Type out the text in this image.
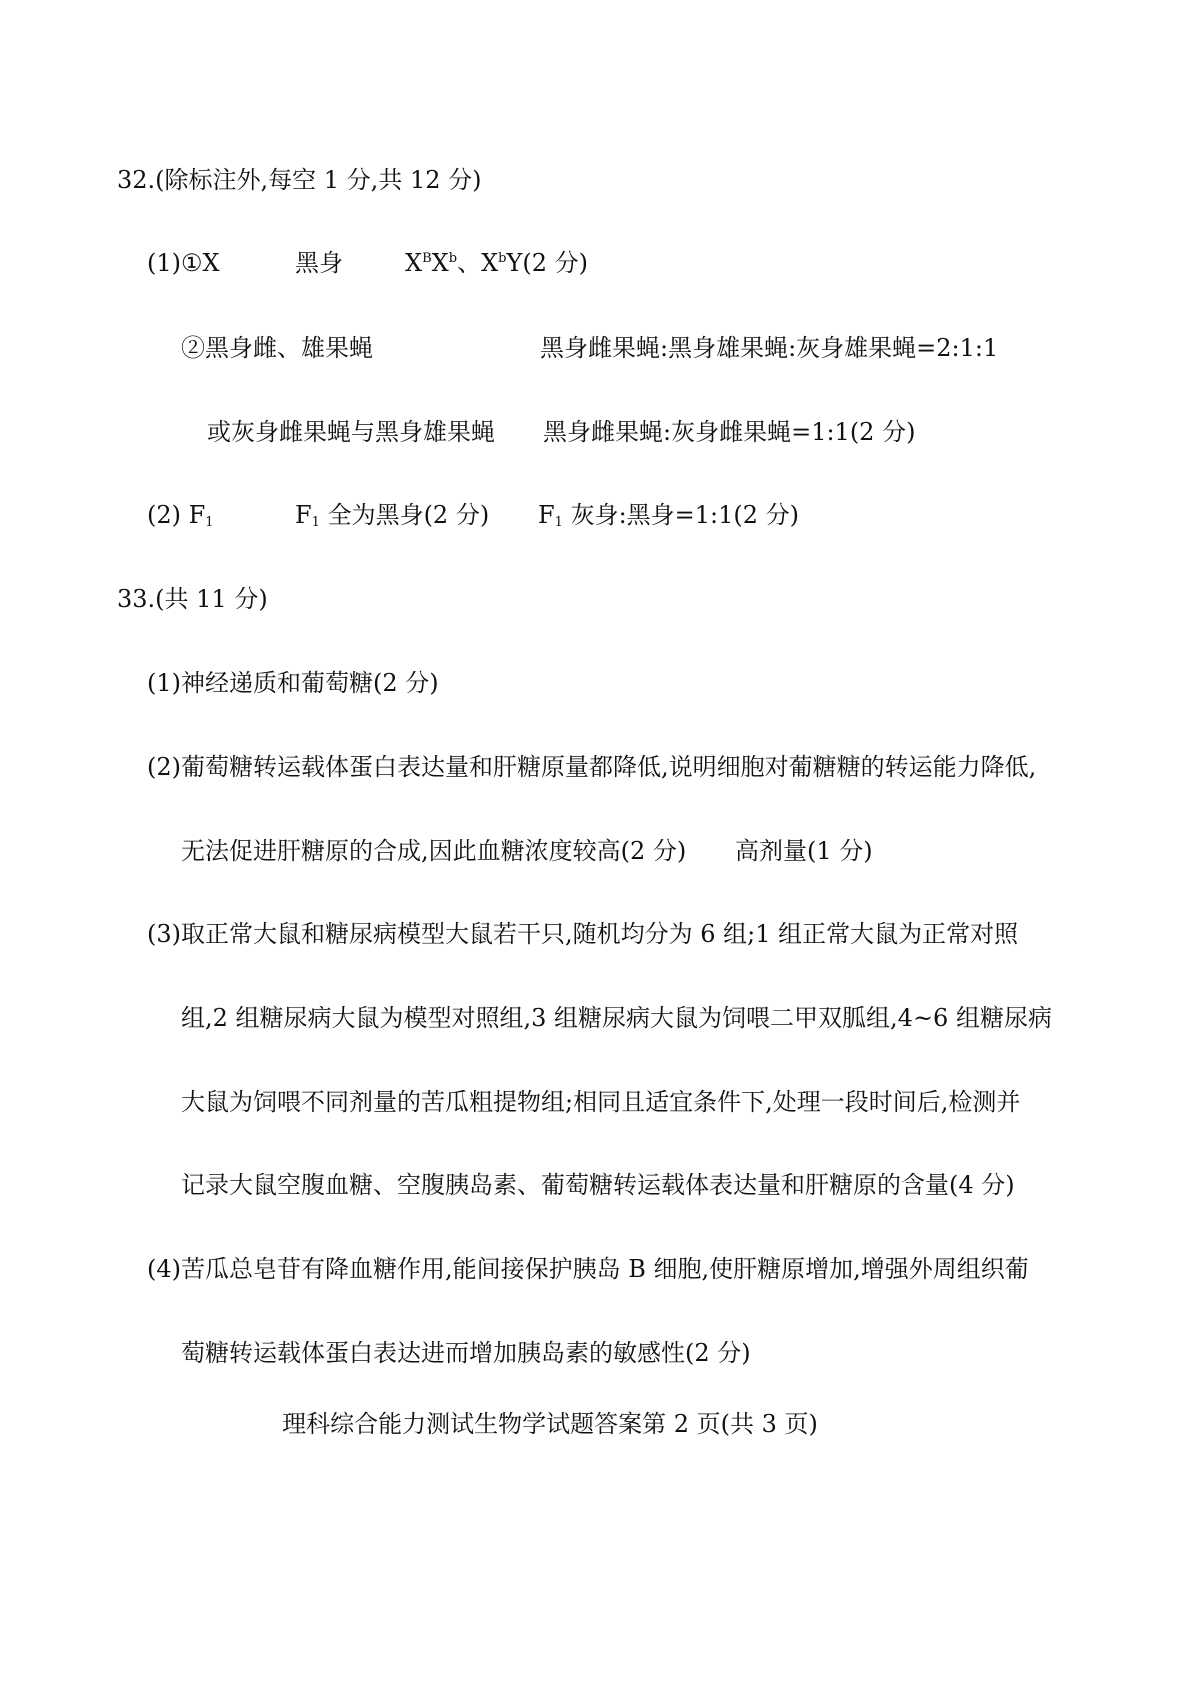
32.(除标注外,每空 1 分,共 12 分)
(1)①X	黑身	$X^BX^b$、$X^bY(2$ 分)
②黑身雌、雄果蝇	黑身雌果蝇:黑身雄果蝇:灰身雄果蝇=2:1:1
或灰身雌果蝇与黑身雄果蝇 黑身雌果蝇:灰身雌果蝇=1:1(2 分)
(2) $F_1$	$F_1$ 全为黑身(2 分) $F_1$ 灰身:黑身=1:1(2 分)
33.(共 11 分)
(1)神经递质和葡萄糖(2 分)
(2)葡萄糖转运载体蛋白表达量和肝糖原量都降低,说明细胞对葡糖糖的转运能力降低,
无法促进肝糖原的合成,因此血糖浓度较高(2 分) 高剂量(1 分)
(3)取正常大鼠和糖尿病模型大鼠若干只,随机均分为 6 组;1 组正常大鼠为正常对照
组,2 组糖尿病大鼠为模型对照组,3 组糖尿病大鼠为饲喂二甲双胍组,4~6 组糖尿病
大鼠为饲喂不同剂量的苦瓜粗提物组;相同且适宜条件下,处理一段时间后,检测并
记录大鼠空腹血糖、空腹胰岛素、葡萄糖转运载体表达量和肝糖原的含量(4 分)
(4)苦瓜总皂苷有降血糖作用,能间接保护胰岛 B 细胞,使肝糖原增加,增强外周组织葡
萄糖转运载体蛋白表达进而增加胰岛素的敏感性(2 分)
理科综合能力测试生物学试题答案第 2 页(共 3 页)
